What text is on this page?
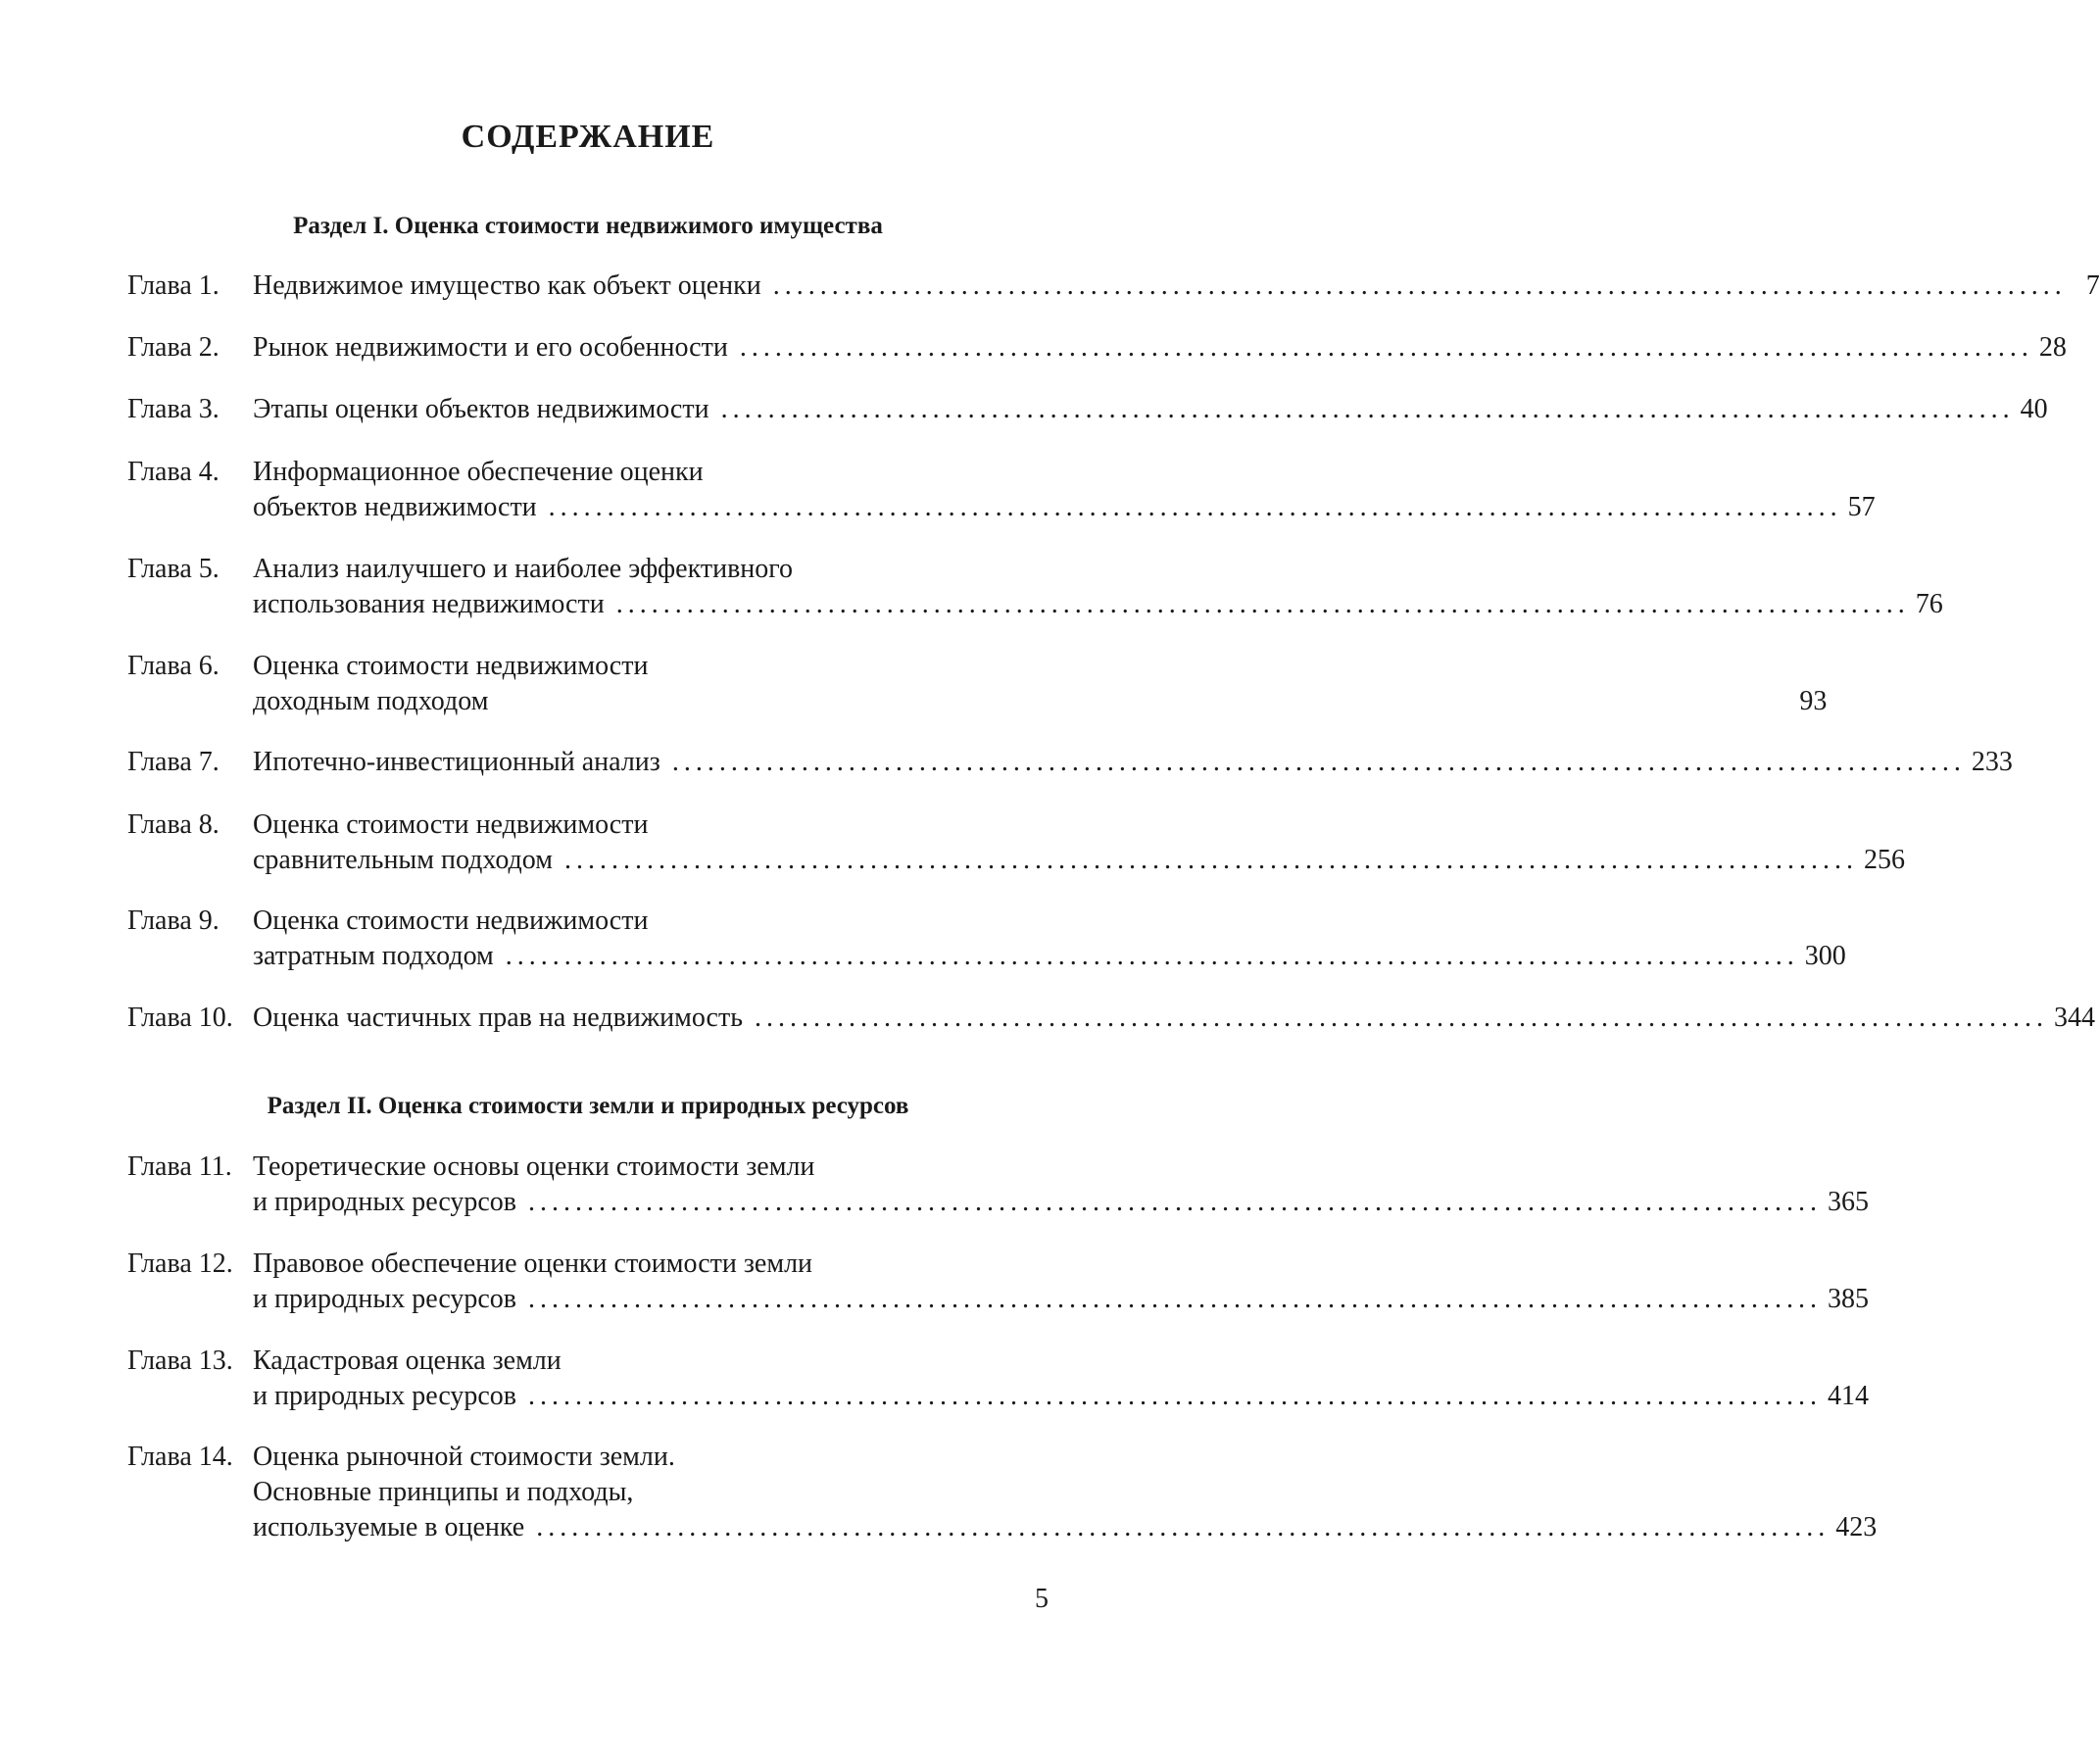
СОДЕРЖАНИЕ
Раздел I. Оценка стоимости недвижимого имущества
Глава 1. Недвижимое имущество как объект оценки .............................................................................................................. 7
Глава 2. Рынок недвижимости и его особенности .............................................................................................................. 28
Глава 3. Этапы оценки объектов недвижимости .............................................................................................................. 40
Глава 4. Информационное обеспечение оценки
объектов недвижимости .............................................................................................................. 57
Глава 5. Анализ наилучшего и наиболее эффективного
использования недвижимости .............................................................................................................. 76
Глава 6. Оценка стоимости недвижимости
доходным подходом	93
Глава 7. Ипотечно-инвестиционный анализ .............................................................................................................. 233
Глава 8. Оценка стоимости недвижимости
сравнительным подходом .............................................................................................................. 256
Глава 9. Оценка стоимости недвижимости
затратным подходом .............................................................................................................. 300
Глава 10. Оценка частичных прав на недвижимость .............................................................................................................. 344
Раздел II. Оценка стоимости земли и природных ресурсов
Глава 11. Теоретические основы оценки стоимости земли
и природных ресурсов .............................................................................................................. 365
Глава 12. Правовое обеспечение оценки стоимости земли
и природных ресурсов .............................................................................................................. 385
Глава 13. Кадастровая оценка земли
и природных ресурсов .............................................................................................................. 414
Глава 14. Оценка рыночной стоимости земли.
Основные принципы и подходы,
используемые в оценке .............................................................................................................. 423
5
